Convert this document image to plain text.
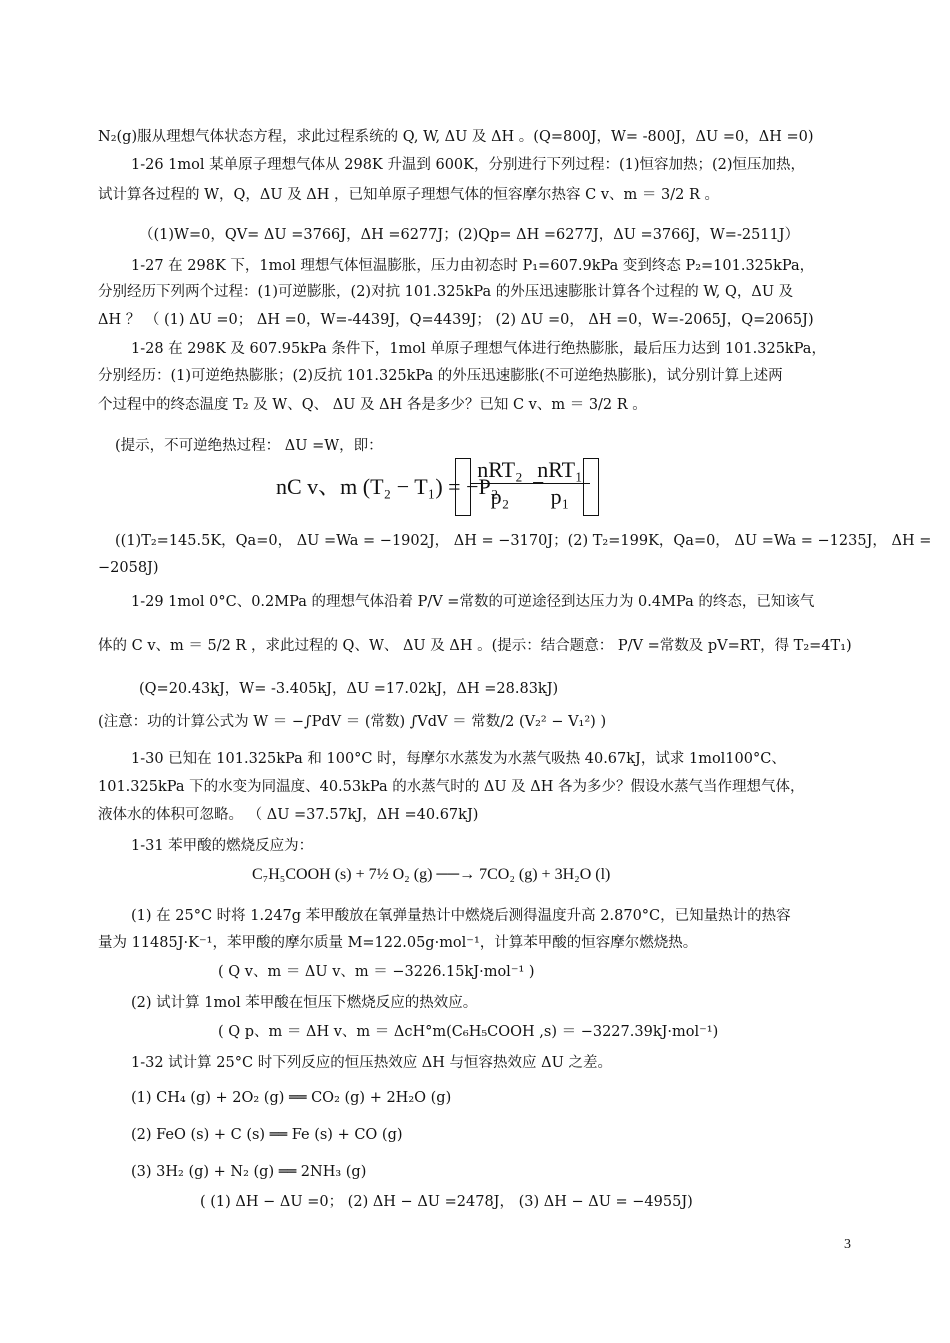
N₂(g)服从理想气体状态方程，求此过程系统的 Q, W, ΔU 及 ΔH 。(Q=800J，W= -800J，ΔU =0，ΔH =0)
1-26 1mol 某单原子理想气体从 298K 升温到 600K，分别进行下列过程：(1)恒容加热；(2)恒压加热，
试计算各过程的 W，Q，ΔU 及 ΔH ，已知单原子理想气体的恒容摩尔热容 C v、m ＝ 3/2 R 。
（(1)W=0，QV= ΔU =3766J，ΔH =6277J；(2)Qp= ΔH =6277J，ΔU =3766J，W=-2511J）
1-27 在 298K 下，1mol 理想气体恒温膨胀，压力由初态时 P₁=607.9kPa 变到终态 P₂=101.325kPa，
分别经历下列两个过程：(1)可逆膨胀，(2)对抗 101.325kPa 的外压迅速膨胀计算各个过程的 W, Q，ΔU 及
ΔH ？ （ (1) ΔU =0； ΔH =0，W=-4439J，Q=4439J； (2) ΔU =0， ΔH =0，W=-2065J，Q=2065J)
1-28 在 298K 及 607.95kPa 条件下，1mol 单原子理想气体进行绝热膨胀，最后压力达到 101.325kPa，
分别经历：(1)可逆绝热膨胀；(2)反抗 101.325kPa 的外压迅速膨胀(不可逆绝热膨胀)，试分别计算上述两
个过程中的终态温度 T₂ 及 W、Q、 ΔU 及 ΔH 各是多少？已知 C v、m ＝ 3/2 R 。
(提示，不可逆绝热过程： ΔU =W，即：
nC v、m (T₂ − T₁) = −P₂
nRT₂
p₂
−
nRT₁
p₁
((1)T₂=145.5K，Qa=0， ΔU =Wa = −1902J， ΔH = −3170J；(2) T₂=199K，Qa=0， ΔU =Wa = −1235J， ΔH =
−2058J)
1-29 1mol 0°C、0.2MPa 的理想气体沿着 P/V =常数的可逆途径到达压力为 0.4MPa 的终态，已知该气
体的 C v、m ＝ 5/2 R ，求此过程的 Q、W、 ΔU 及 ΔH 。(提示：结合题意： P/V =常数及 pV=RT，得 T₂=4T₁)
(Q=20.43kJ，W= -3.405kJ，ΔU =17.02kJ，ΔH =28.83kJ)
(注意：功的计算公式为 W ＝ −∫PdV ＝ (常数) ∫VdV ＝ 常数/2 (V₂² − V₁²) )
1-30 已知在 101.325kPa 和 100°C 时，每摩尔水蒸发为水蒸气吸热 40.67kJ，试求 1mol100°C、
101.325kPa 下的水变为同温度、40.53kPa 的水蒸气时的 ΔU 及 ΔH 各为多少？假设水蒸气当作理想气体，
液体水的体积可忽略。 （ ΔU =37.57kJ，ΔH =40.67kJ)
1-31 苯甲酸的燃烧反应为：
C₇H₅COOH (s) + 7½ O₂ (g) ──→ 7CO₂ (g) + 3H₂O (l)
(1) 在 25°C 时将 1.247g 苯甲酸放在氧弹量热计中燃烧后测得温度升高 2.870°C，已知量热计的热容
量为 11485J·K⁻¹，苯甲酸的摩尔质量 M=122.05g·mol⁻¹，计算苯甲酸的恒容摩尔燃烧热。
( Q v、m ＝ ΔU v、m ＝ −3226.15kJ·mol⁻¹ )
(2) 试计算 1mol 苯甲酸在恒压下燃烧反应的热效应。
( Q p、m ＝ ΔH v、m ＝ ΔcH°m(C₆H₅COOH ,s) ＝ −3227.39kJ·mol⁻¹)
1-32 试计算 25°C 时下列反应的恒压热效应 ΔH 与恒容热效应 ΔU 之差。
(1) CH₄ (g) + 2O₂ (g) ══ CO₂ (g) + 2H₂O (g)
(2) FeO (s) + C (s) ══ Fe (s) + CO (g)
(3) 3H₂ (g) + N₂ (g) ══ 2NH₃ (g)
( (1) ΔH − ΔU =0； (2) ΔH − ΔU =2478J， (3) ΔH − ΔU = −4955J)
3
